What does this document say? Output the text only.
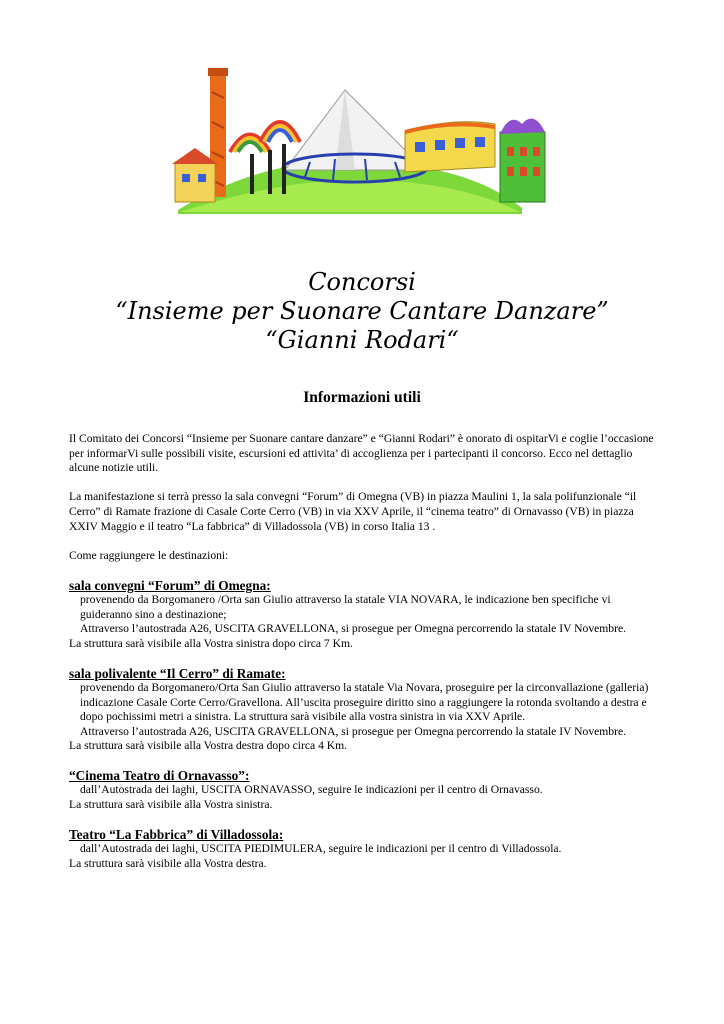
Concorsi
“Insieme per Suonare Cantare Danzare”
“Gianni Rodari“
Informazioni utili

Il Comitato dei Concorsi “Insieme per Suonare cantare danzare” e “Gianni Rodari” è onorato di ospitarVi e coglie l’occasione per informarVi sulle possibili visite, escursioni ed attivita’ di accoglienza per i partecipanti il concorso. Ecco nel dettaglio alcune notizie utili.

La manifestazione si terrà presso la sala convegni “Forum” di Omegna (VB) in piazza Maulini 1, la sala polifunzionale “il Cerro” di Ramate frazione di Casale Corte Cerro (VB) in via XXV Aprile, il “cinema teatro” di Ornavasso (VB) in piazza XXIV Maggio e il teatro “La fabbrica” di Villadossola (VB) in corso Italia 13 .

Come raggiungere le destinazioni:

sala convegni “Forum” di Omegna:

provenendo da Borgomanero /Orta san Giulio attraverso la statale VIA NOVARA, le indicazione ben specifiche vi guideranno sino a destinazione;

Attraverso l’autostrada A26, USCITA GRAVELLONA, si prosegue per Omegna percorrendo la statale IV Novembre.

La struttura sarà visibile alla Vostra sinistra dopo circa 7 Km.

sala polivalente “Il Cerro” di Ramate:

provenendo da Borgomanero/Orta San Giulio attraverso la statale Via Novara, proseguire per la circonvallazione (galleria) indicazione Casale Corte Cerro/Gravellona. All’uscita proseguire diritto sino a raggiungere la rotonda svoltando a destra e dopo pochissimi metri a sinistra. La struttura sarà visibile alla vostra sinistra in via XXV Aprile.

Attraverso l’autostrada A26, USCITA GRAVELLONA, si prosegue per Omegna percorrendo la statale IV Novembre.

La struttura sarà visibile alla Vostra destra dopo circa 4 Km.

“Cinema Teatro di Ornavasso”:

dall’Autostrada dei laghi, USCITA ORNAVASSO, seguire le indicazioni per il centro di Ornavasso.

La struttura sarà visibile alla Vostra sinistra.

Teatro “La Fabbrica” di Villadossola:

dall’Autostrada dei laghi, USCITA PIEDIMULERA, seguire le indicazioni per il centro di Villadossola.

La struttura sarà visibile alla Vostra destra.
